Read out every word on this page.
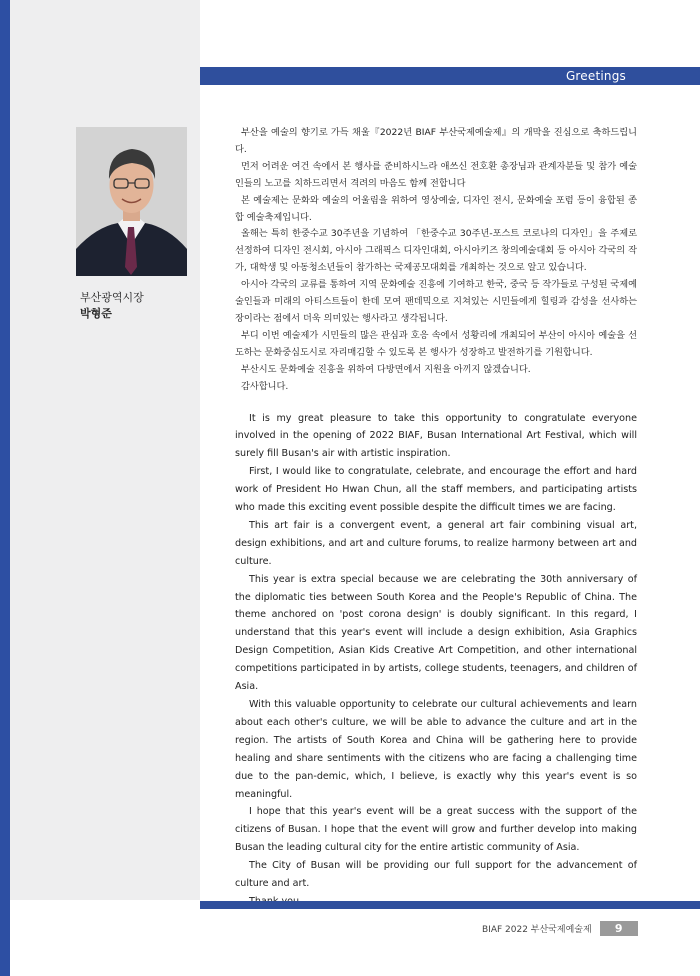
Greetings
부산광역시장
박형준

부산을 예술의 향기로 가득 채울『2022년 BIAF 부산국제예술제』의 개막을 진심으로 축하드립니다.

먼저 어려운 여건 속에서 본 행사를 준비하시느라 애쓰신 전호환 총장님과 관계자분들 및 참가 예술인들의 노고를 치하드리면서 격려의 마음도 함께 전합니다

본 예술제는 문화와 예술의 어울림을 위하여 영상예술, 디자인 전시, 문화예술 포럼 등이 융합된 종합 예술축제입니다.

올해는 특히 한중수교 30주년을 기념하여 「한중수교 30주년-포스트 코로나의 디자인」을 주제로 선정하여 디자인 전시회, 아시아 그래픽스 디자인대회, 아시아키즈 창의예술대회 등 아시아 각국의 작가, 대학생 및 아동청소년들이 참가하는 국제공모대회를 개최하는 것으로 알고 있습니다.

아시아 각국의 교류를 통하여 지역 문화예술 진흥에 기여하고 한국, 중국 등 작가들로 구성된 국제예술인들과 미래의 아티스트들이 한데 모여 팬데믹으로 지쳐있는 시민들에게 힐링과 감성을 선사하는 장이라는 점에서 더욱 의미있는 행사라고 생각됩니다.

부디 이번 예술제가 시민들의 많은 관심과 호응 속에서 성황리에 개최되어 부산이 아시아 예술을 선도하는 문화중심도시로 자리매김할 수 있도록 본 행사가 성장하고 발전하기를 기원합니다.

부산시도 문화예술 진흥을 위하여 다방면에서 지원을 아끼지 않겠습니다.

감사합니다.

It is my great pleasure to take this opportunity to congratulate everyone involved in the opening of 2022 BIAF, Busan International Art Festival, which will surely fill Busan's air with artistic inspiration.

First, I would like to congratulate, celebrate, and encourage the effort and hard work of President Ho Hwan Chun, all the staff members, and participating artists who made this exciting event possible despite the difficult times we are facing.

This art fair is a convergent event, a general art fair combining visual art, design exhibitions, and art and culture forums, to realize harmony between art and culture.

This year is extra special because we are celebrating the 30th anniversary of the diplomatic ties between South Korea and the People's Republic of China. The theme anchored on 'post corona design' is doubly significant. In this regard, I understand that this year's event will include a design exhibition, Asia Graphics Design Competition, Asian Kids Creative Art Competition, and other international competitions participated in by artists, college students, teenagers, and children of Asia.

With this valuable opportunity to celebrate our cultural achievements and learn about each other's culture, we will be able to advance the culture and art in the region. The artists of South Korea and China will be gathering here to provide healing and share sentiments with the citizens who are facing a challenging time due to the pan-demic, which, I believe, is exactly why this year's event is so meaningful.

I hope that this year's event will be a great success with the support of the citizens of Busan. I hope that the event will grow and further develop into making Busan the leading cultural city for the entire artistic community of Asia.

The City of Busan will be providing our full support for the advancement of culture and art.

BIAF 2022 부산국제예술제	9
